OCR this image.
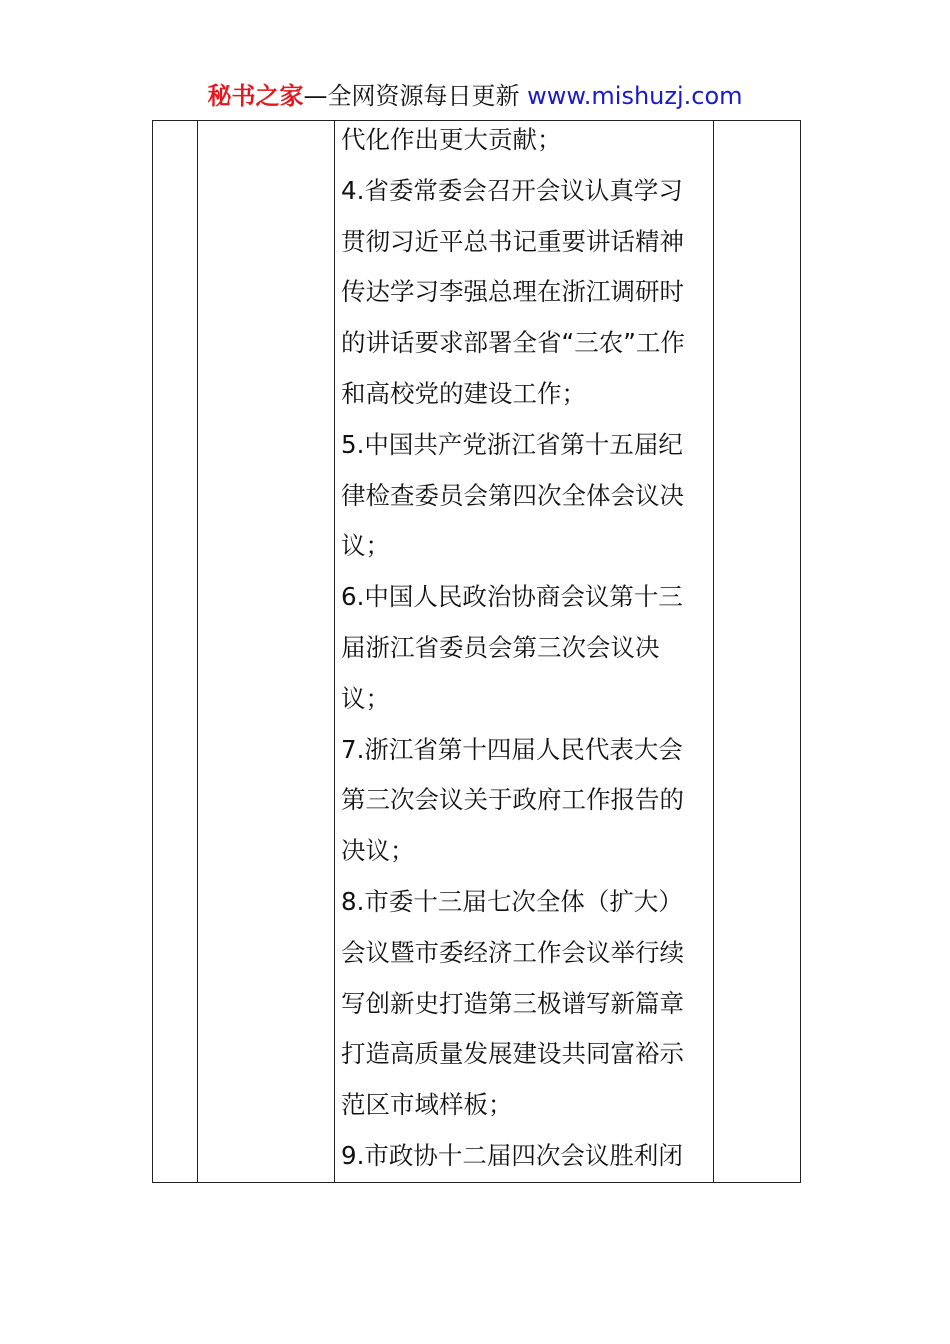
秘书之家—全网资源每日更新 www.mishuzj.com

代化作出更大贡献；

4.省委常委会召开会议认真学习贯彻习近平总书记重要讲话精神传达学习李强总理在浙江调研时的讲话要求部署全省“三农”工作和高校党的建设工作；

5.中国共产党浙江省第十五届纪律检查委员会第四次全体会议决议；

6.中国人民政治协商会议第十三届浙江省委员会第三次会议决议；

7.浙江省第十四届人民代表大会第三次会议关于政府工作报告的决议；

8.市委十三届七次全体（扩大）会议暨市委经济工作会议举行续写创新史打造第三极谱写新篇章打造高质量发展建设共同富裕示范区市域样板；

9.市政协十二届四次会议胜利闭
